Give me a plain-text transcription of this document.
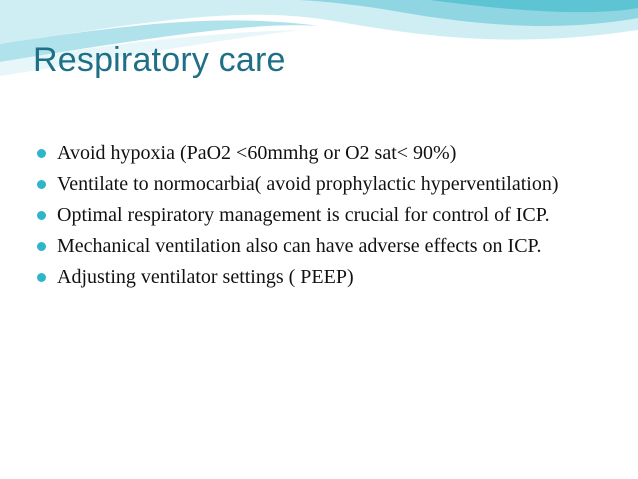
Respiratory care
Avoid hypoxia (PaO2 <60mmhg or O2 sat< 90%)
Ventilate to normocarbia( avoid prophylactic hyperventilation)
Optimal respiratory management is crucial for control of ICP.
Mechanical ventilation also can have adverse effects on ICP.
Adjusting ventilator settings ( PEEP)
